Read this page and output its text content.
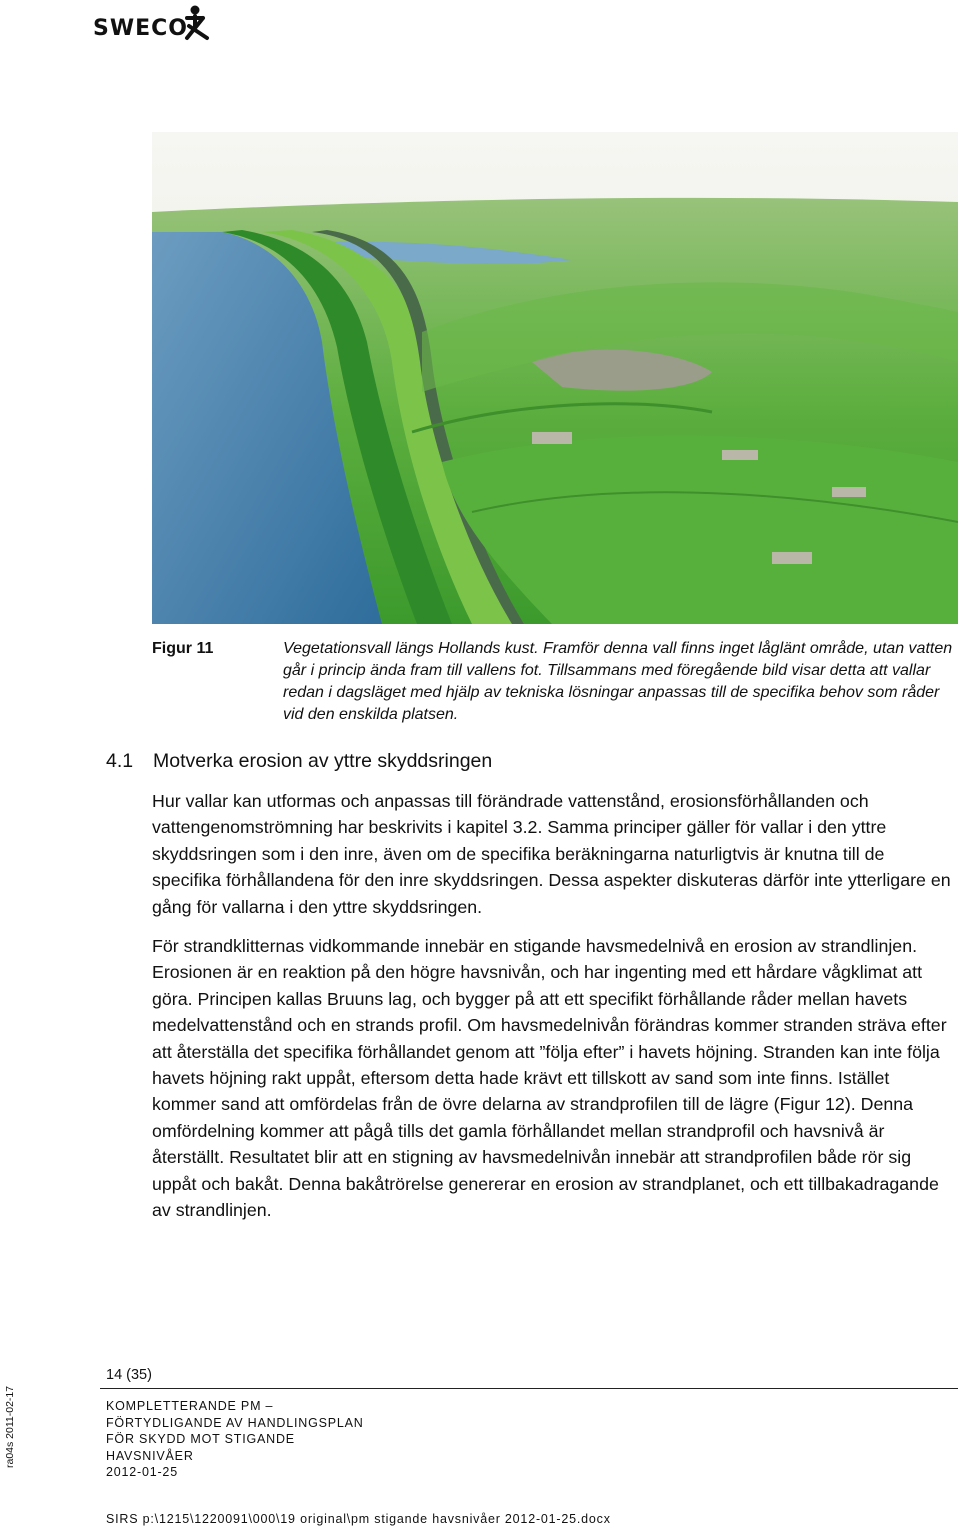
SWECO
Figur 11	Vegetationsvall längs Hollands kust. Framför denna vall finns inget låglänt område, utan vatten går i princip ända fram till vallens fot. Tillsammans med föregående bild visar detta att vallar redan i dagsläget med hjälp av tekniska lösningar anpassas till de specifika behov som råder vid den enskilda platsen.

4.1 Motverka erosion av yttre skyddsringen

Hur vallar kan utformas och anpassas till förändrade vattenstånd, erosionsförhållanden och vattengenomströmning har beskrivits i kapitel 3.2. Samma principer gäller för vallar i den yttre skyddsringen som i den inre, även om de specifika beräkningarna naturligtvis är knutna till de specifika förhållandena för den inre skyddsringen. Dessa aspekter diskuteras därför inte ytterligare en gång för vallarna i den yttre skyddsringen.

För strandklitternas vidkommande innebär en stigande havsmedelnivå en erosion av strandlinjen. Erosionen är en reaktion på den högre havsnivån, och har ingenting med ett hårdare vågklimat att göra. Principen kallas Bruuns lag, och bygger på att ett specifikt förhållande råder mellan havets medelvattenstånd och en strands profil. Om havsmedelnivån förändras kommer stranden sträva efter att återställa det specifika förhållandet genom att ”följa efter” i havets höjning. Stranden kan inte följa havets höjning rakt uppåt, eftersom detta hade krävt ett tillskott av sand som inte finns. Istället kommer sand att omfördelas från de övre delarna av strandprofilen till de lägre (Figur 12). Denna omfördelning kommer att pågå tills det gamla förhållandet mellan strandprofil och havsnivå är återställt. Resultatet blir att en stigning av havsmedelnivån innebär att strandprofilen både rör sig uppåt och bakåt. Denna bakåtrörelse genererar en erosion av strandplanet, och ett tillbakadragande av strandlinjen.

14 (35)
KOMPLETTERANDE PM –
FÖRTYDLIGANDE AV HANDLINGSPLAN
FÖR SKYDD MOT STIGANDE
HAVSNIVÅER
2012-01-25
ra04s 2011-02-17
SIRS p:\1215\1220091\000\19 original\pm stigande havsnivåer 2012-01-25.docx
